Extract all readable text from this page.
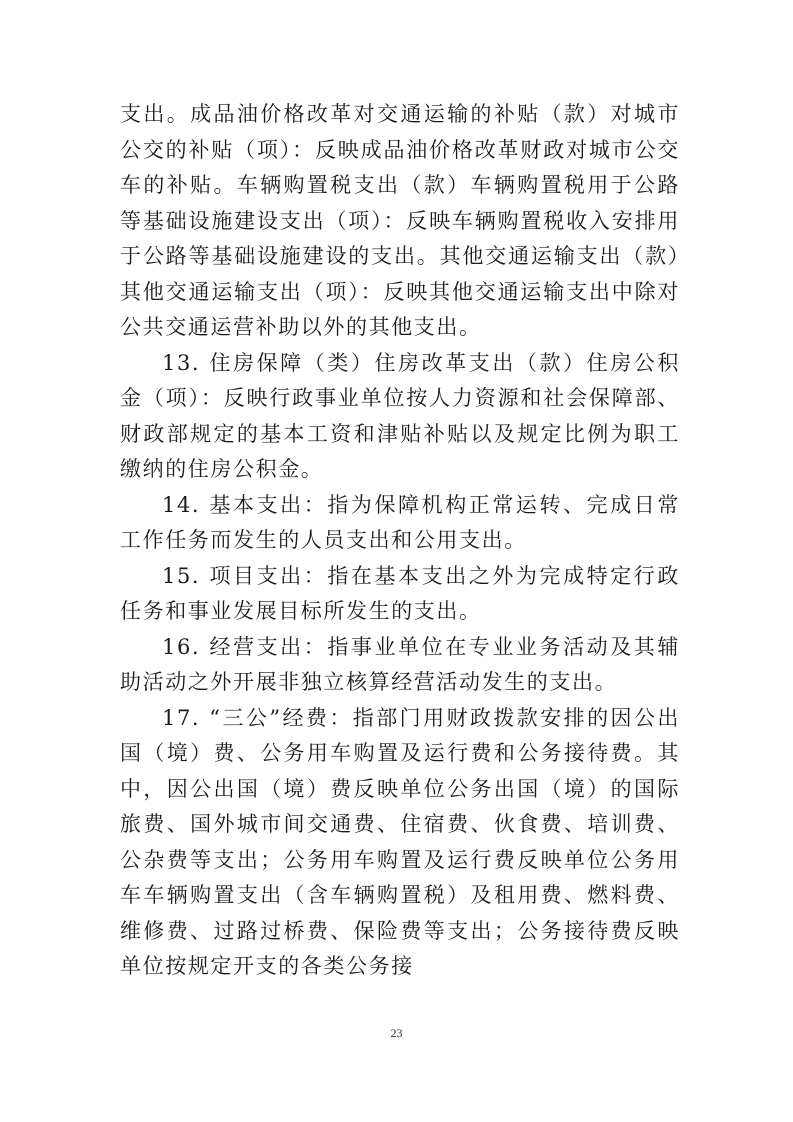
支出。成品油价格改革对交通运输的补贴（款）对城市公交的补贴（项）：反映成品油价格改革财政对城市公交车的补贴。车辆购置税支出（款）车辆购置税用于公路等基础设施建设支出（项）：反映车辆购置税收入安排用于公路等基础设施建设的支出。其他交通运输支出（款）其他交通运输支出（项）：反映其他交通运输支出中除对公共交通运营补助以外的其他支出。

13. 住房保障（类）住房改革支出（款）住房公积金（项）：反映行政事业单位按人力资源和社会保障部、财政部规定的基本工资和津贴补贴以及规定比例为职工缴纳的住房公积金。

14. 基本支出：指为保障机构正常运转、完成日常工作任务而发生的人员支出和公用支出。

15. 项目支出：指在基本支出之外为完成特定行政任务和事业发展目标所发生的支出。

16. 经营支出：指事业单位在专业业务活动及其辅助活动之外开展非独立核算经营活动发生的支出。

17. “三公”经费：指部门用财政拨款安排的因公出国（境）费、公务用车购置及运行费和公务接待费。其中，因公出国（境）费反映单位公务出国（境）的国际旅费、国外城市间交通费、住宿费、伙食费、培训费、公杂费等支出；公务用车购置及运行费反映单位公务用车车辆购置支出（含车辆购置税）及租用费、燃料费、维修费、过路过桥费、保险费等支出；公务接待费反映单位按规定开支的各类公务接

23
